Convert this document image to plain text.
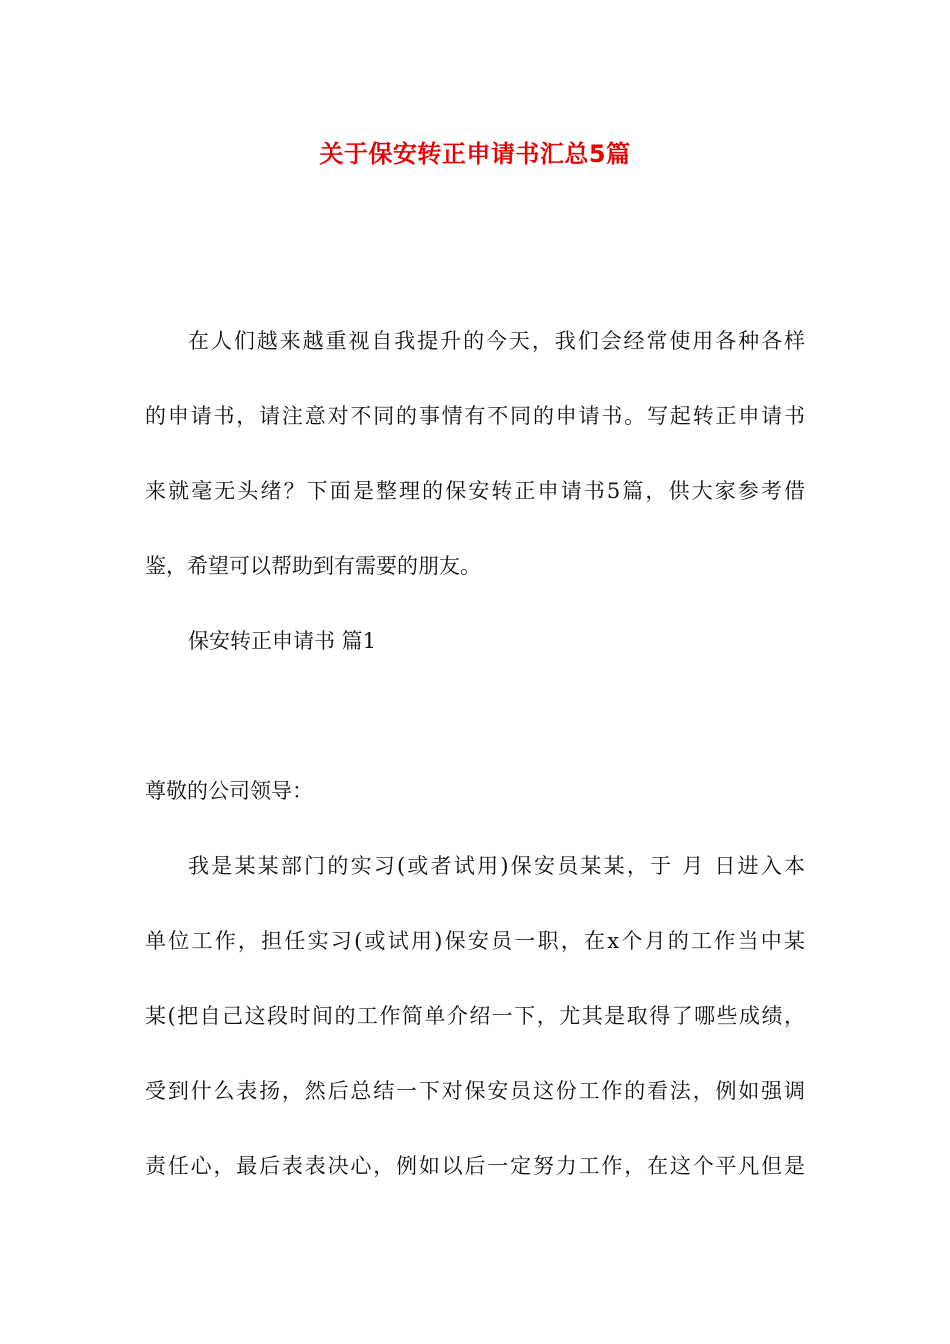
关于保安转正申请书汇总5篇
在人们越来越重视自我提升的今天，我们会经常使用各种各样
的申请书，请注意对不同的事情有不同的申请书。写起转正申请书
来就毫无头绪？下面是整理的保安转正申请书5篇，供大家参考借
鉴，希望可以帮助到有需要的朋友。
保安转正申请书 篇1
尊敬的公司领导：
我是某某部门的实习(或者试用)保安员某某，于 月 日进入本
单位工作，担任实习(或试用)保安员一职，在x个月的工作当中某
某(把自己这段时间的工作简单介绍一下，尤其是取得了哪些成绩，
受到什么表扬，然后总结一下对保安员这份工作的看法，例如强调
责任心，最后表表决心，例如以后一定努力工作，在这个平凡但是
